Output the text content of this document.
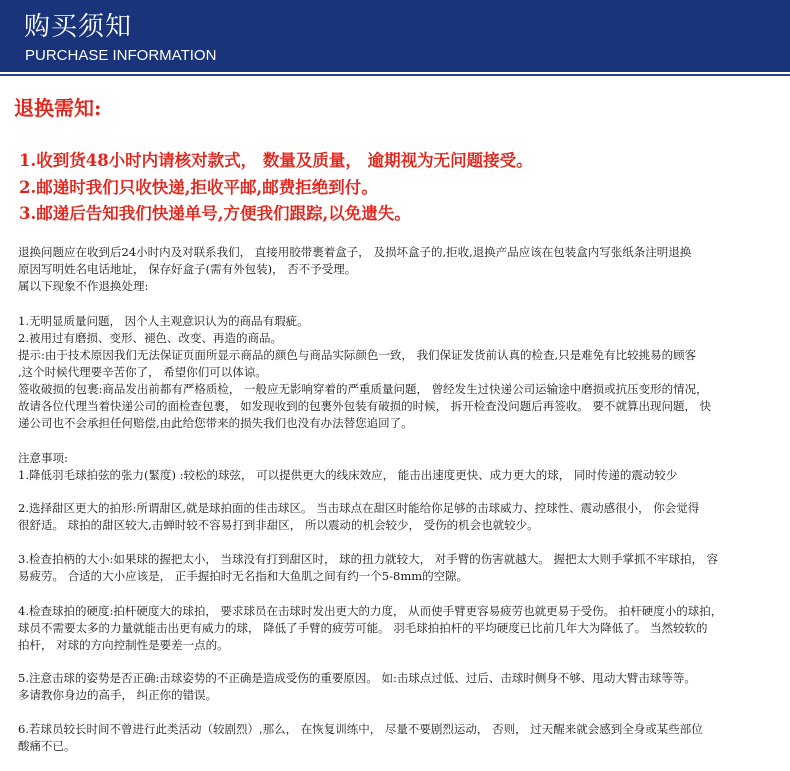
购买须知
PURCHASE INFORMATION
退换需知:
1.收到货48小时内请核对款式， 数量及质量， 逾期视为无问题接受。
2.邮递时我们只收快递,拒收平邮,邮费拒绝到付。
3.邮递后告知我们快递单号,方便我们跟踪,以免遗失。
退换问题应在收到后24小时内及对联系我们， 直接用胶带裹着盒子， 及损坏盒子的,拒收,退换产品应该在包装盒内写张纸条注明退换
原因写明姓名电话地址， 保存好盒子(需有外包装)， 否不予受理。
属以下现象不作退换处理:
1.无明显质量问题， 因个人主观意识认为的商品有瑕疵。
2.被用过有磨损、变形、褪色、改变、再造的商品。
提示:由于技术原因我们无法保证页面所显示商品的颜色与商品实际颜色一致， 我们保证发货前认真的检查,只是难免有比较挑易的顾客
,这个时候代理要辛苦你了， 希望你们可以体谅。
签收破损的包裹:商品发出前都有严格质检， 一般应无影响穿着的严重质量问题， 曾经发生过快递公司运输途中磨损或抗压变形的情况，
故请各位代理当着快递公司的面检查包裹， 如发现收到的包裹外包装有破损的时候， 拆开检查没问题后再签收。 要不就算出现问题， 快
递公司也不会承担任何赔偿,由此给您带来的损失我们也没有办法替您追回了。
注意事项:
1.降低羽毛球拍弦的张力(緊度) :较松的球弦， 可以提供更大的线床效应， 能击出速度更快、成力更大的球， 同时传递的震动较少
2.选择甜区更大的拍形:所谓甜区,就是球拍面的佳击球区。 当击球点在甜区时能给你足够的击球威力、控球性、震动感很小， 你会觉得
很舒适。 球拍的甜区较大,击蝉时较不容易打到非甜区， 所以震动的机会较少， 受伤的机会也就较少。
3.检查拍柄的大小:如果球的握把太小， 当球没有打到甜区时， 球的扭力就较大， 对手臂的伤害就越大。 握把太大则手掌抓不牢球拍， 容
易疲劳。 合适的大小应该是， 正手握拍时无名指和大鱼肌之间有约一个5-8mm的空隙。
4.检查球拍的硬度:拍杆硬度大的球拍， 要求球员在击球时发出更大的力度， 从而使手臂更容易疲劳也就更易于受伤。 拍杆硬度小的球拍，
球员不需要太多的力量就能击出更有威力的球， 降低了手臂的疲劳可能。 羽毛球拍拍杆的平均硬度已比前几年大为降低了。 当然较软的
拍杆， 对球的方向控制性是要差一点的。
5.注意击球的姿势是否正确:击球姿势的不正确是造成受伤的重要原因。 如:击球点过低、过后、击球时侧身不够、甩动大臂击球等等。
多请教你身边的高手， 纠正你的错误。
6.若球员较长时间不曾进行此类活动（较剧烈）,那么， 在恢复训练中， 尽量不要剧烈运动， 否则， 过天醒来就会感到全身或某些部位
酸痛不已。
